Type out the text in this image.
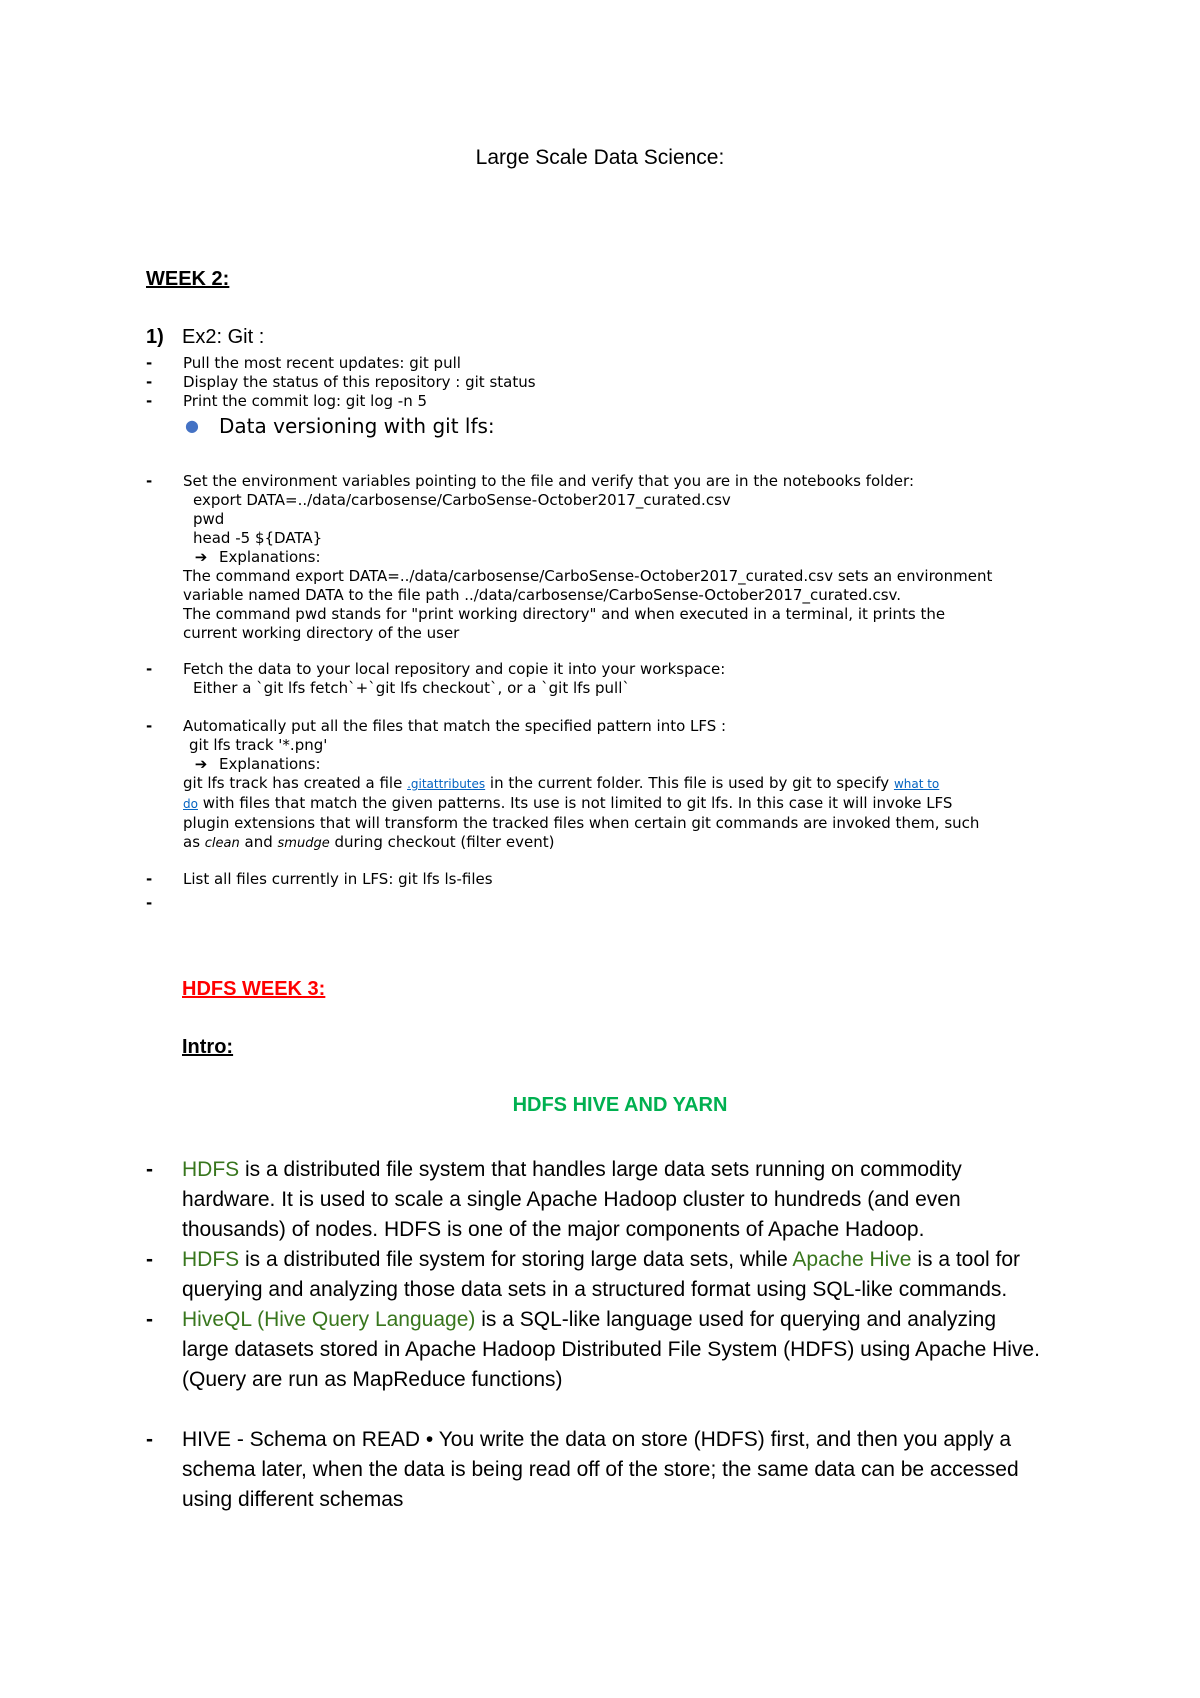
Large Scale Data Science:
WEEK 2:
1) Ex2: Git :
- Pull the most recent updates: git pull
- Display the status of this repository : git status
- Print the commit log: git log -n 5
● Data versioning with git lfs:
- Set the environment variables pointing to the file and verify that you are in the notebooks folder:
export DATA=../data/carbosense/CarboSense-October2017_curated.csv
pwd
head -5 ${DATA}
➔ Explanations:
The command export DATA=../data/carbosense/CarboSense-October2017_curated.csv sets an environment
variable named DATA to the file path ../data/carbosense/CarboSense-October2017_curated.csv.
The command pwd stands for "print working directory" and when executed in a terminal, it prints the
current working directory of the user
- Fetch the data to your local repository and copie it into your workspace:
Either a `git lfs fetch`+`git lfs checkout`, or a `git lfs pull`
- Automatically put all the files that match the specified pattern into LFS :
git lfs track '*.png'
➔ Explanations:
git lfs track has created a file .gitattributes in the current folder. This file is used by git to specify what to
do with files that match the given patterns. Its use is not limited to git lfs. In this case it will invoke LFS
plugin extensions that will transform the tracked files when certain git commands are invoked them, such
as clean and smudge during checkout (filter event)
- List all files currently in LFS: git lfs ls-files
-
HDFS WEEK 3:
Intro:
HDFS HIVE AND YARN
- HDFS is a distributed file system that handles large data sets running on commodity hardware. It is used to scale a single Apache Hadoop cluster to hundreds (and even thousands) of nodes. HDFS is one of the major components of Apache Hadoop.
- HDFS is a distributed file system for storing large data sets, while Apache Hive is a tool for querying and analyzing those data sets in a structured format using SQL-like commands.
- HiveQL (Hive Query Language) is a SQL-like language used for querying and analyzing large datasets stored in Apache Hadoop Distributed File System (HDFS) using Apache Hive. (Query are run as MapReduce functions)
- HIVE - Schema on READ • You write the data on store (HDFS) first, and then you apply a schema later, when the data is being read off of the store; the same data can be accessed using different schemas
